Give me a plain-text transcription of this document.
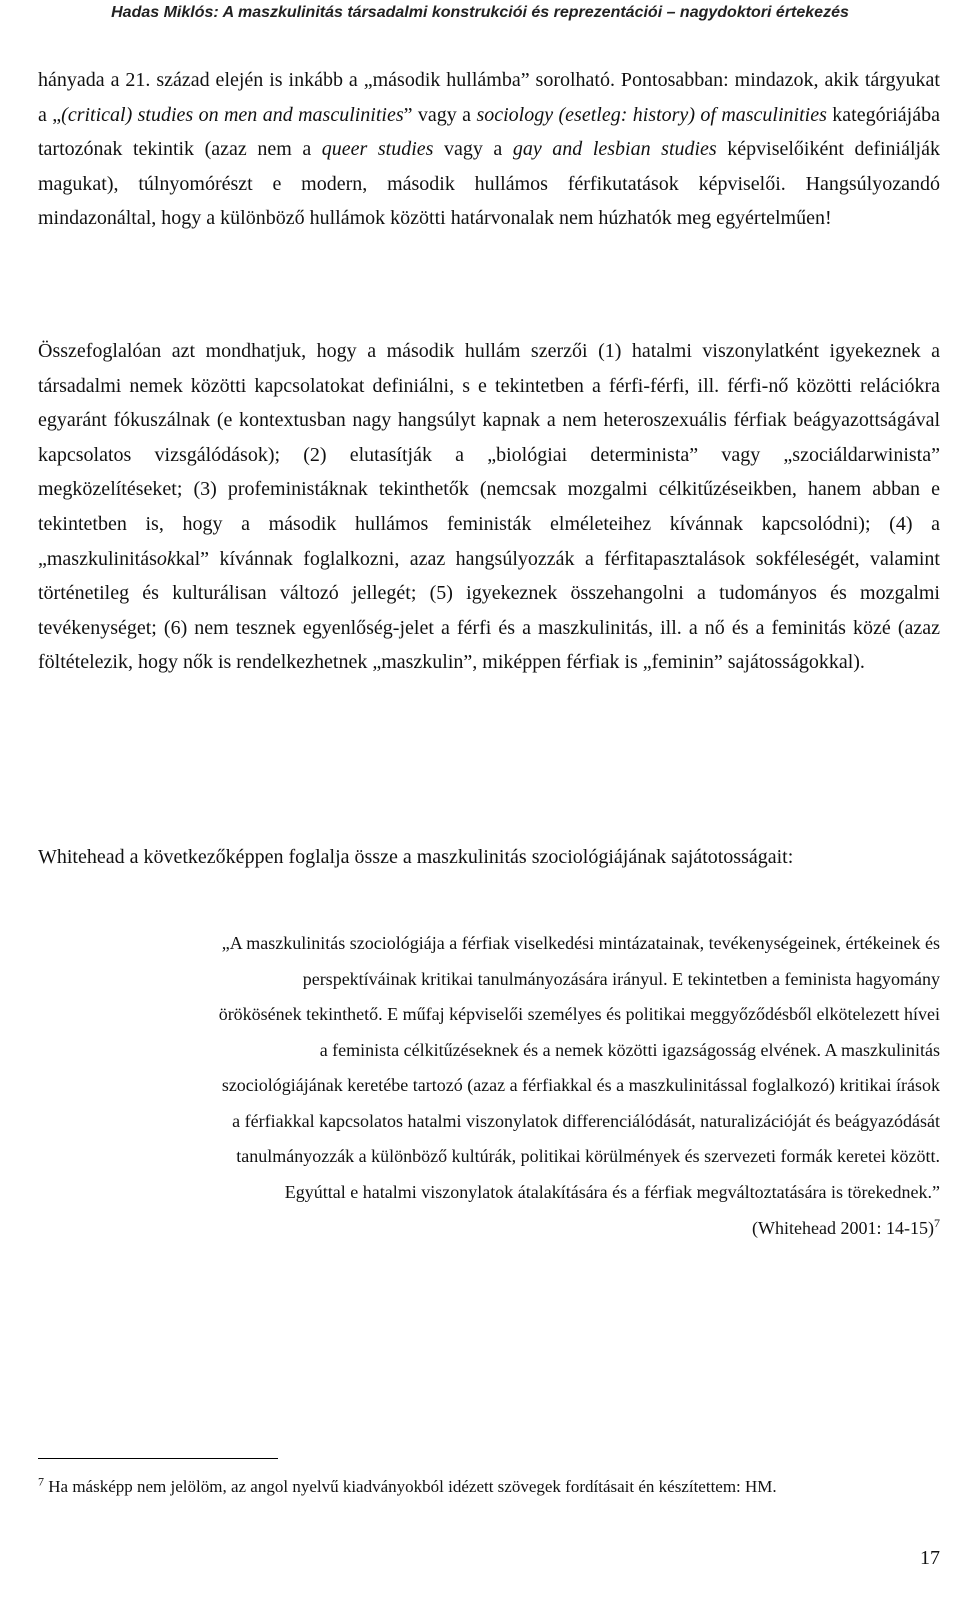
Hadas Miklós: A maszkulinitás társadalmi konstrukciói és reprezentációi – nagydoktori értekezés

hányada a 21. század elején is inkább a „második hullámba” sorolható. Pontosabban: mindazok, akik tárgyukat a „(critical) studies on men and masculinities” vagy a sociology (esetleg: history) of masculinities kategóriájába tartozónak tekintik (azaz nem a queer studies vagy a gay and lesbian studies képviselőiként definiálják magukat), túlnyomórészt e modern, második hullámos férfikutatások képviselői. Hangsúlyozandó mindazonáltal, hogy a különböző hullámok közötti határvonalak nem húzhatók meg egyértelműen!

Összefoglalóan azt mondhatjuk, hogy a második hullám szerzői (1) hatalmi viszonylatként igyekeznek a társadalmi nemek közötti kapcsolatokat definiálni, s e tekintetben a férfi-férfi, ill. férfi-nő közötti relációkra egyaránt fókuszálnak (e kontextusban nagy hangsúlyt kapnak a nem heteroszexuális férfiak beágyazottságával kapcsolatos vizsgálódások); (2) elutasítják a „biológiai determinista” vagy „szociáldarwinista” megközelítéseket; (3) profeministáknak tekinthetők (nemcsak mozgalmi célkitűzéseikben, hanem abban e tekintetben is, hogy a második hullámos feministák elméleteihez kívánnak kapcsolódni); (4) a „maszkulinitásokkal” kívánnak foglalkozni, azaz hangsúlyozzák a férfitapasztalások sokféleségét, valamint történetileg és kulturálisan változó jellegét; (5) igyekeznek összehangolni a tudományos és mozgalmi tevékenységet; (6) nem tesznek egyenlőség-jelet a férfi és a maszkulinitás, ill. a nő és a feminitás közé (azaz föltételezik, hogy nők is rendelkezhetnek „maszkulin”, miképpen férfiak is „feminin” sajátosságokkal).

Whitehead a következőképpen foglalja össze a maszkulinitás szociológiájának sajátotosságait:

„A maszkulinitás szociológiája a férfiak viselkedési mintázatainak, tevékenységeinek, értékeinek és
perspektíváinak kritikai tanulmányozására irányul. E tekintetben a feminista hagyomány
örökösének tekinthető. E műfaj képviselői személyes és politikai meggyőződésből elkötelezett hívei
a feminista célkitűzéseknek és a nemek közötti igazságosság elvének. A maszkulinitás
szociológiájának keretébe tartozó (azaz a férfiakkal és a maszkulinitással foglalkozó) kritikai írások
a férfiakkal kapcsolatos hatalmi viszonylatok differenciálódását, naturalizációját és beágyazódását
tanulmányozzák a különböző kultúrák, politikai körülmények és szervezeti formák keretei között.
Egyúttal e hatalmi viszonylatok átalakítására és a férfiak megváltoztatására is törekednek.”

(Whitehead 2001: 14-15)$^7$

$^7$ Ha másképp nem jelölöm, az angol nyelvű kiadványokból idézett szövegek fordításait én készítettem: HM.

17
